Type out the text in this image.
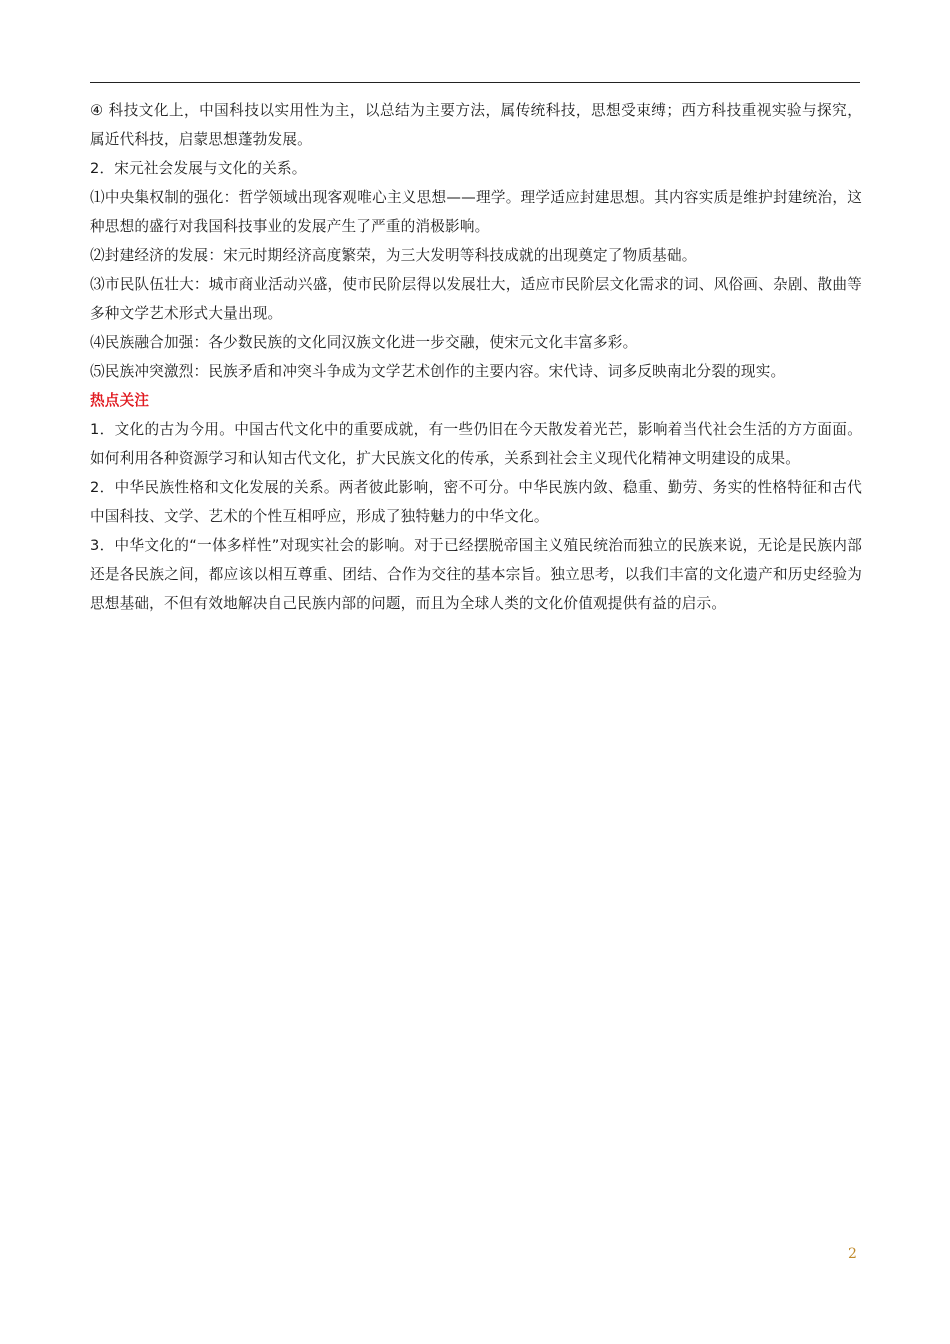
④ 科技文化上，中国科技以实用性为主，以总结为主要方法，属传统科技，思想受束缚；西方科技重视实验与探究，属近代科技，启蒙思想蓬勃发展。

2．宋元社会发展与文化的关系。

⑴中央集权制的强化：哲学领域出现客观唯心主义思想——理学。理学适应封建思想。其内容实质是维护封建统治，这种思想的盛行对我国科技事业的发展产生了严重的消极影响。

⑵封建经济的发展：宋元时期经济高度繁荣，为三大发明等科技成就的出现奠定了物质基础。

⑶市民队伍壮大：城市商业活动兴盛，使市民阶层得以发展壮大，适应市民阶层文化需求的词、风俗画、杂剧、散曲等多种文学艺术形式大量出现。

⑷民族融合加强：各少数民族的文化同汉族文化进一步交融，使宋元文化丰富多彩。

⑸民族冲突激烈：民族矛盾和冲突斗争成为文学艺术创作的主要内容。宋代诗、词多反映南北分裂的现实。

热点关注

1．文化的古为今用。中国古代文化中的重要成就，有一些仍旧在今天散发着光芒，影响着当代社会生活的方方面面。如何利用各种资源学习和认知古代文化，扩大民族文化的传承，关系到社会主义现代化精神文明建设的成果。

2．中华民族性格和文化发展的关系。两者彼此影响，密不可分。中华民族内敛、稳重、勤劳、务实的性格特征和古代中国科技、文学、艺术的个性互相呼应，形成了独特魅力的中华文化。

3．中华文化的“一体多样性”对现实社会的影响。对于已经摆脱帝国主义殖民统治而独立的民族来说，无论是民族内部还是各民族之间，都应该以相互尊重、团结、合作为交往的基本宗旨。独立思考，以我们丰富的文化遗产和历史经验为思想基础，不但有效地解决自己民族内部的问题，而且为全球人类的文化价值观提供有益的启示。

2
